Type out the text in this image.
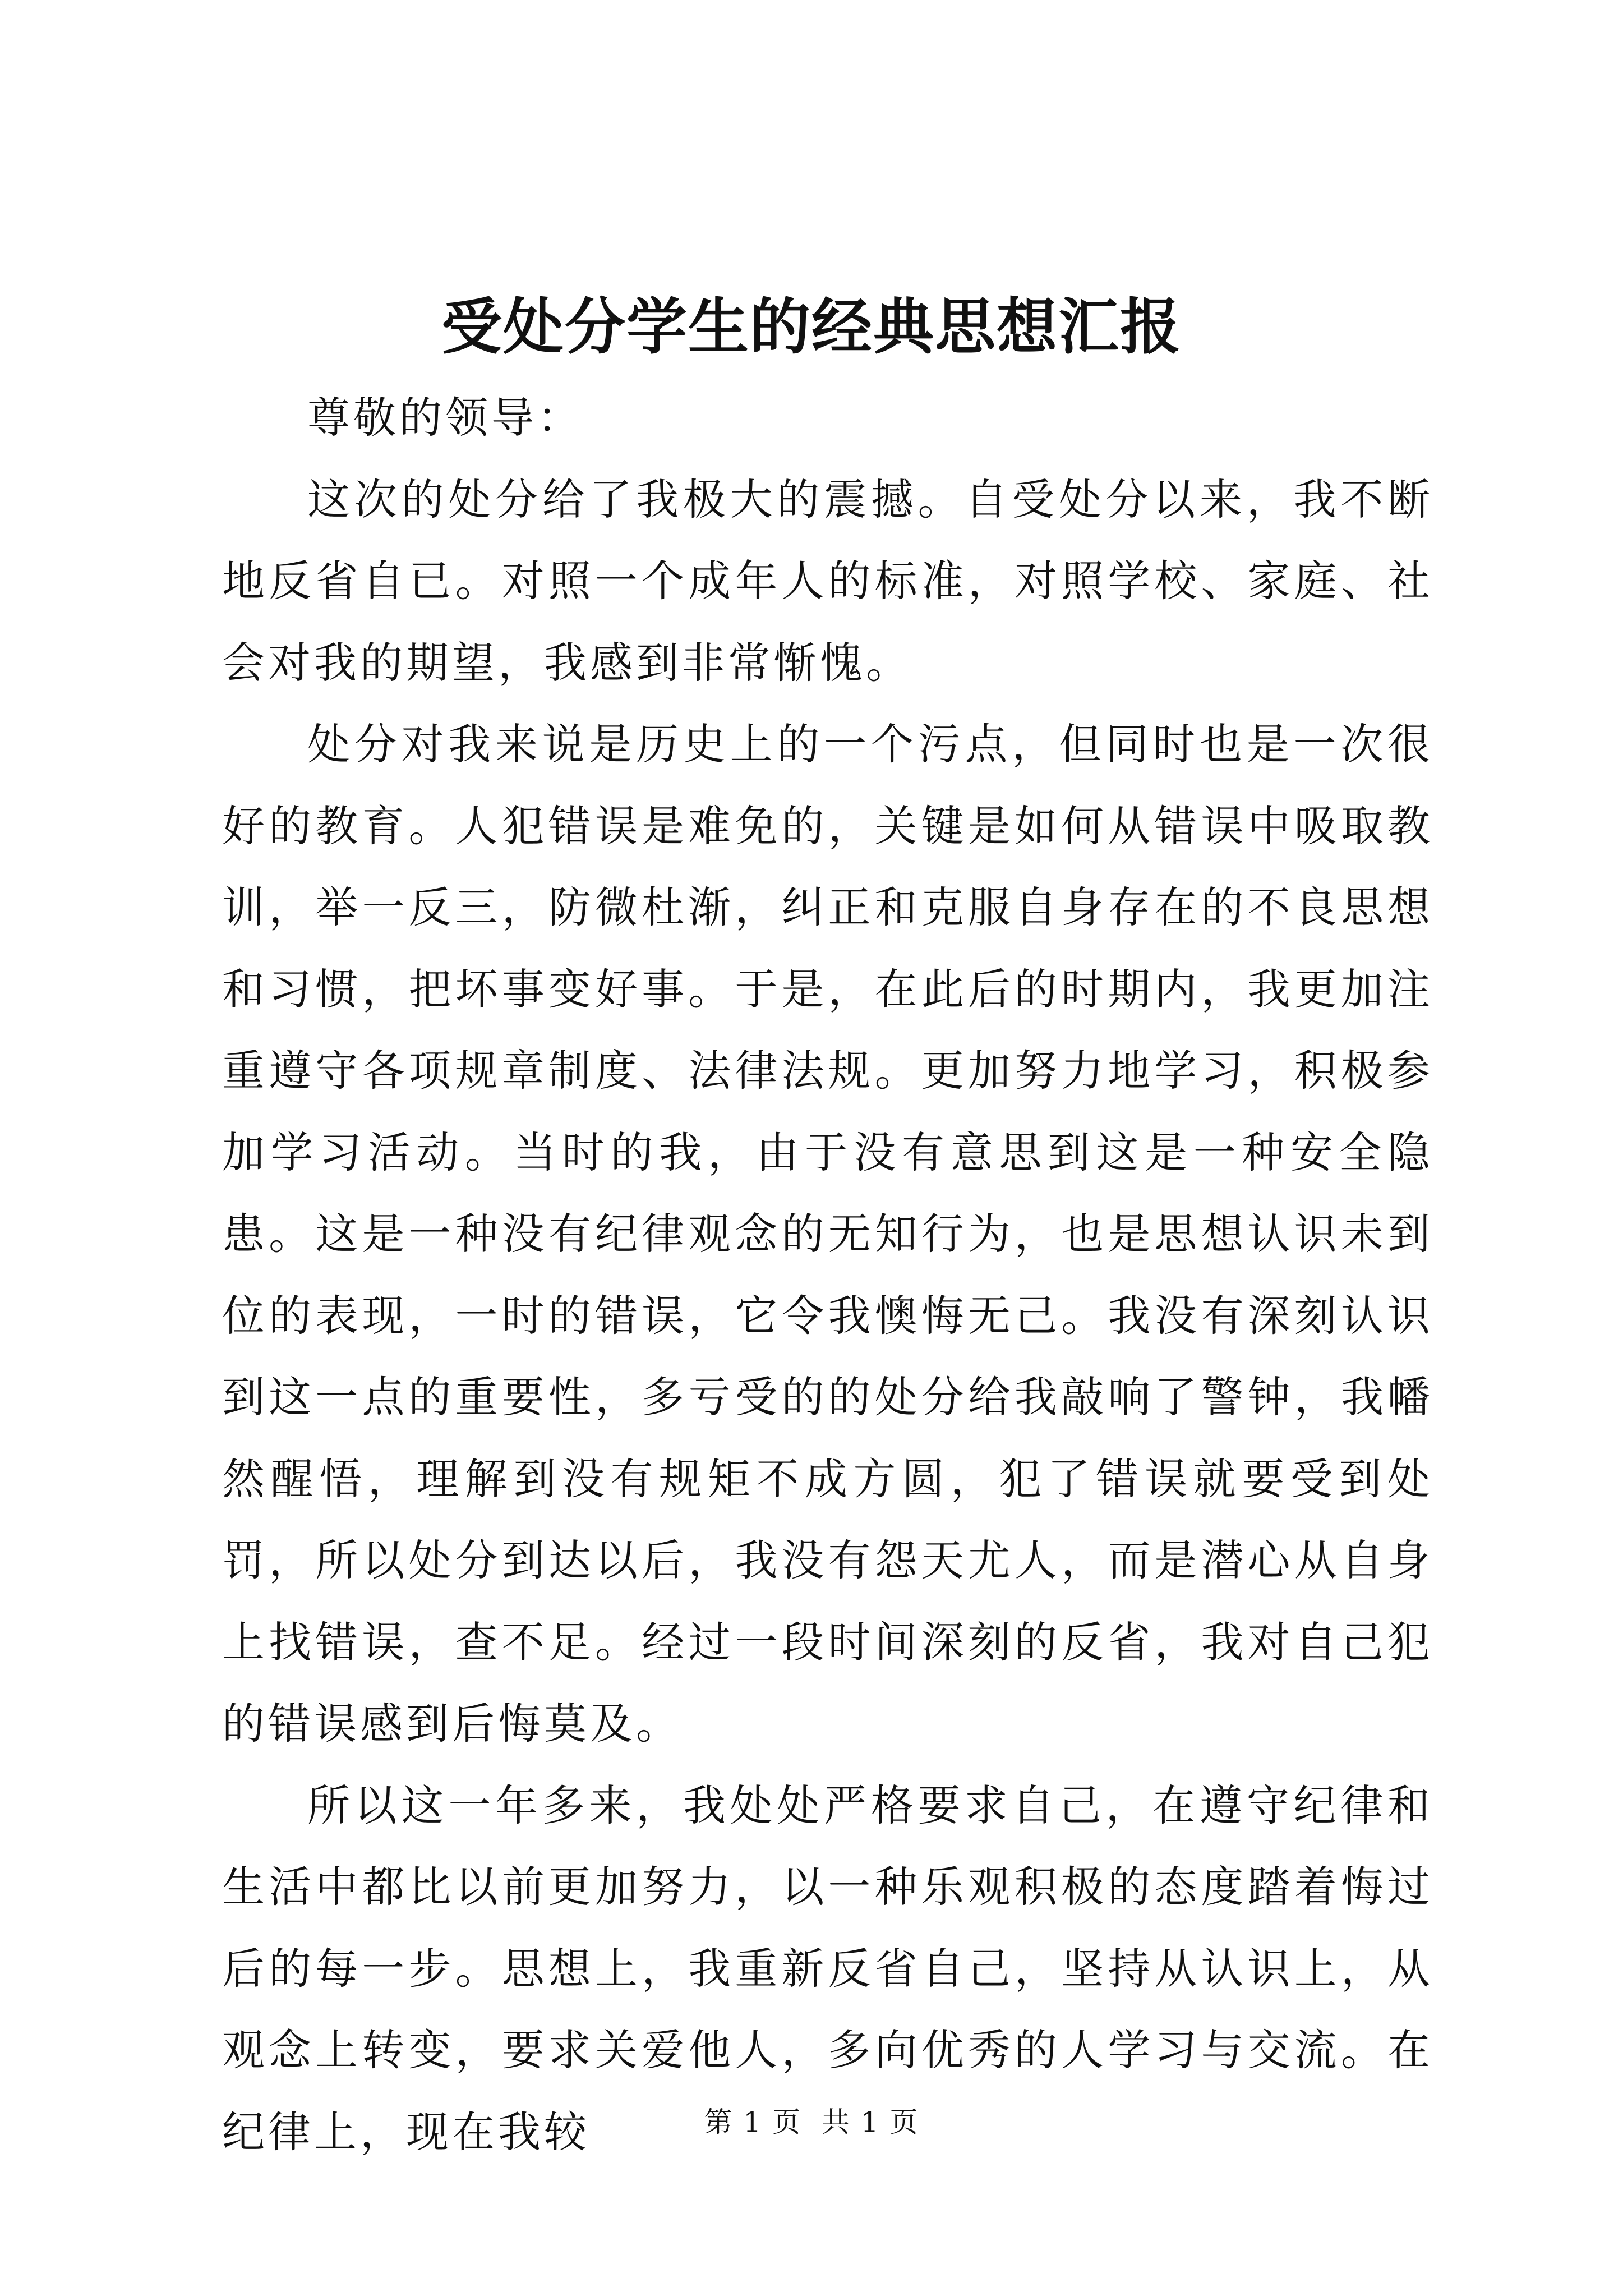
受处分学生的经典思想汇报

尊敬的领导：

这次的处分给了我极大的震撼。自受处分以来，我不断地反省自已。对照一个成年人的标准，对照学校、家庭、社会对我的期望，我感到非常惭愧。

处分对我来说是历史上的一个污点，但同时也是一次很好的教育。人犯错误是难免的，关键是如何从错误中吸取教训，举一反三，防微杜渐，纠正和克服自身存在的不良思想和习惯，把坏事变好事。于是，在此后的时期内，我更加注重遵守各项规章制度、法律法规。更加努力地学习，积极参加学习活动。当时的我，由于没有意思到这是一种安全隐患。这是一种没有纪律观念的无知行为，也是思想认识未到位的表现，一时的错误，它令我懊悔无己。我没有深刻认识到这一点的重要性，多亏受的的处分给我敲响了警钟，我幡然醒悟，理解到没有规矩不成方圆，犯了错误就要受到处罚，所以处分到达以后，我没有怨天尤人，而是潜心从自身上找错误，查不足。经过一段时间深刻的反省，我对自己犯的错误感到后悔莫及。

所以这一年多来，我处处严格要求自己，在遵守纪律和生活中都比以前更加努力，以一种乐观积极的态度踏着悔过后的每一步。思想上，我重新反省自己，坚持从认识上，从观念上转变，要求关爱他人，多向优秀的人学习与交流。在纪律上，现在我较	第 1 页  共 1 页
